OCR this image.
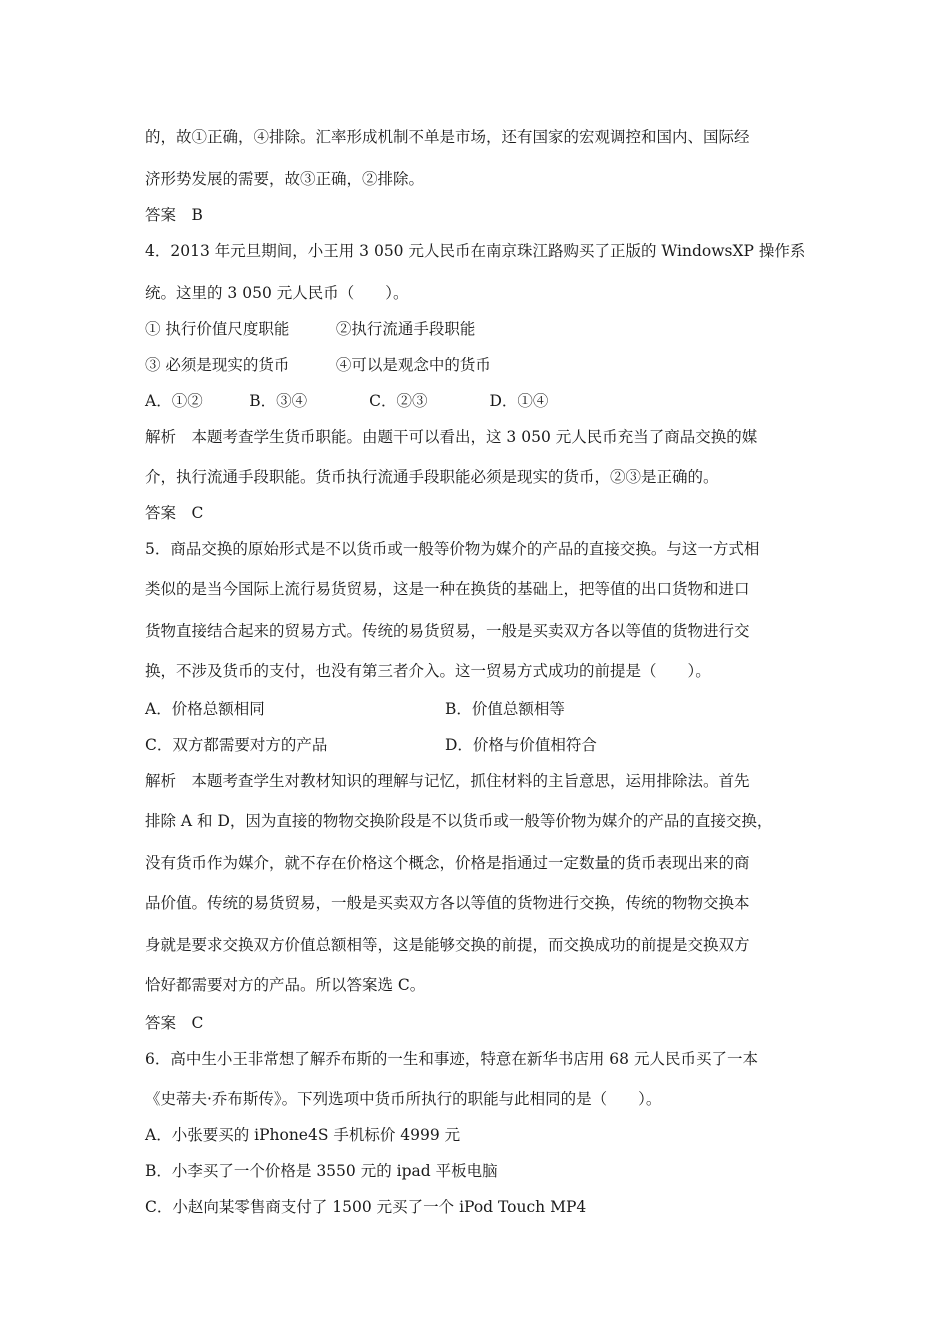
的，故①正确，④排除。汇率形成机制不单是市场，还有国家的宏观调控和国内、国际经
济形势发展的需要，故③正确，②排除。
答案　B
4．2013 年元旦期间，小王用 3 050 元人民币在南京珠江路购买了正版的 WindowsXP 操作系
统。这里的 3 050 元人民币（　　）。
① 执行价值尺度职能　　　②执行流通手段职能
③ 必须是现实的货币　　　④可以是观念中的货币
A．①②　　　B．③④　　　　C．②③　　　　D．①④
解析　本题考查学生货币职能。由题干可以看出，这 3 050 元人民币充当了商品交换的媒
介，执行流通手段职能。货币执行流通手段职能必须是现实的货币，②③是正确的。
答案　C
5．商品交换的原始形式是不以货币或一般等价物为媒介的产品的直接交换。与这一方式相
类似的是当今国际上流行易货贸易，这是一种在换货的基础上，把等值的出口货物和进口
货物直接结合起来的贸易方式。传统的易货贸易，一般是买卖双方各以等值的货物进行交
换，不涉及货币的支付，也没有第三者介入。这一贸易方式成功的前提是（　　）。
A．价格总额相同	B．价值总额相等
C．双方都需要对方的产品	D．价格与价值相符合
解析　本题考查学生对教材知识的理解与记忆，抓住材料的主旨意思，运用排除法。首先
排除 A 和 D，因为直接的物物交换阶段是不以货币或一般等价物为媒介的产品的直接交换，
没有货币作为媒介，就不存在价格这个概念，价格是指通过一定数量的货币表现出来的商
品价值。传统的易货贸易，一般是买卖双方各以等值的货物进行交换，传统的物物交换本
身就是要求交换双方价值总额相等，这是能够交换的前提，而交换成功的前提是交换双方
恰好都需要对方的产品。所以答案选 C。
答案　C
6．高中生小王非常想了解乔布斯的一生和事迹，特意在新华书店用 68 元人民币买了一本
《史蒂夫·乔布斯传》。下列选项中货币所执行的职能与此相同的是（　　）。
A．小张要买的 iPhone4S 手机标价 4999 元
B．小李买了一个价格是 3550 元的 ipad 平板电脑
C．小赵向某零售商支付了 1500 元买了一个 iPod Touch MP4
